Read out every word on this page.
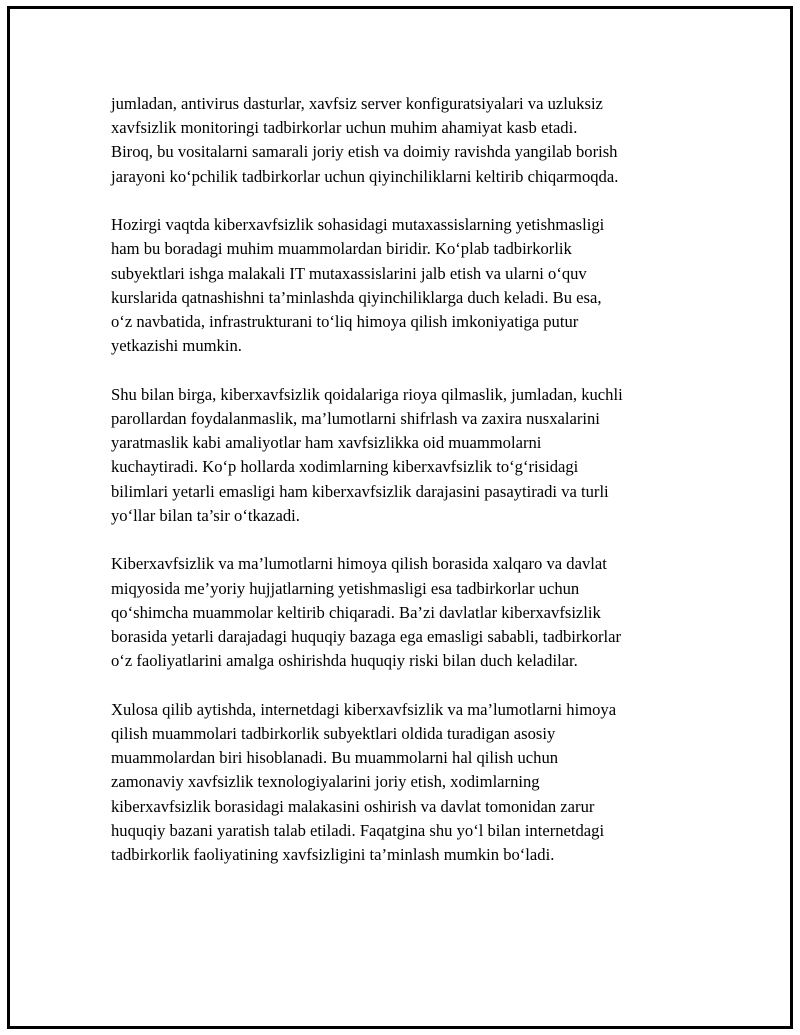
jumladan, antivirus dasturlar, xavfsiz server konfiguratsiyalari va uzluksiz
xavfsizlik monitoringi tadbirkorlar uchun muhim ahamiyat kasb etadi.
Biroq, bu vositalarni samarali joriy etish va doimiy ravishda yangilab borish
jarayoni ko‘pchilik tadbirkorlar uchun qiyinchiliklarni keltirib chiqarmoqda.

Hozirgi vaqtda kiberxavfsizlik sohasidagi mutaxassislarning yetishmasligi
ham bu boradagi muhim muammolardan biridir. Ko‘plab tadbirkorlik
subyektlari ishga malakali IT mutaxassislarini jalb etish va ularni o‘quv
kurslarida qatnashishni ta’minlashda qiyinchiliklarga duch keladi. Bu esa,
o‘z navbatida, infrastrukturani to‘liq himoya qilish imkoniyatiga putur
yetkazishi mumkin.

Shu bilan birga, kiberxavfsizlik qoidalariga rioya qilmaslik, jumladan, kuchli
parollardan foydalanmaslik, ma’lumotlarni shifrlash va zaxira nusxalarini
yaratmaslik kabi amaliyotlar ham xavfsizlikka oid muammolarni
kuchaytiradi. Ko‘p hollarda xodimlarning kiberxavfsizlik to‘g‘risidagi
bilimlari yetarli emasligi ham kiberxavfsizlik darajasini pasaytiradi va turli
yo‘llar bilan ta’sir o‘tkazadi.

Kiberxavfsizlik va ma’lumotlarni himoya qilish borasida xalqaro va davlat
miqyosida me’yoriy hujjatlarning yetishmasligi esa tadbirkorlar uchun
qo‘shimcha muammolar keltirib chiqaradi. Ba’zi davlatlar kiberxavfsizlik
borasida yetarli darajadagi huquqiy bazaga ega emasligi sababli, tadbirkorlar
o‘z faoliyatlarini amalga oshirishda huquqiy riski bilan duch keladilar.

Xulosa qilib aytishda, internetdagi kiberxavfsizlik va ma’lumotlarni himoya
qilish muammolari tadbirkorlik subyektlari oldida turadigan asosiy
muammolardan biri hisoblanadi. Bu muammolarni hal qilish uchun
zamonaviy xavfsizlik texnologiyalarini joriy etish, xodimlarning
kiberxavfsizlik borasidagi malakasini oshirish va davlat tomonidan zarur
huquqiy bazani yaratish talab etiladi. Faqatgina shu yo‘l bilan internetdagi
tadbirkorlik faoliyatining xavfsizligini ta’minlash mumkin bo‘ladi.
